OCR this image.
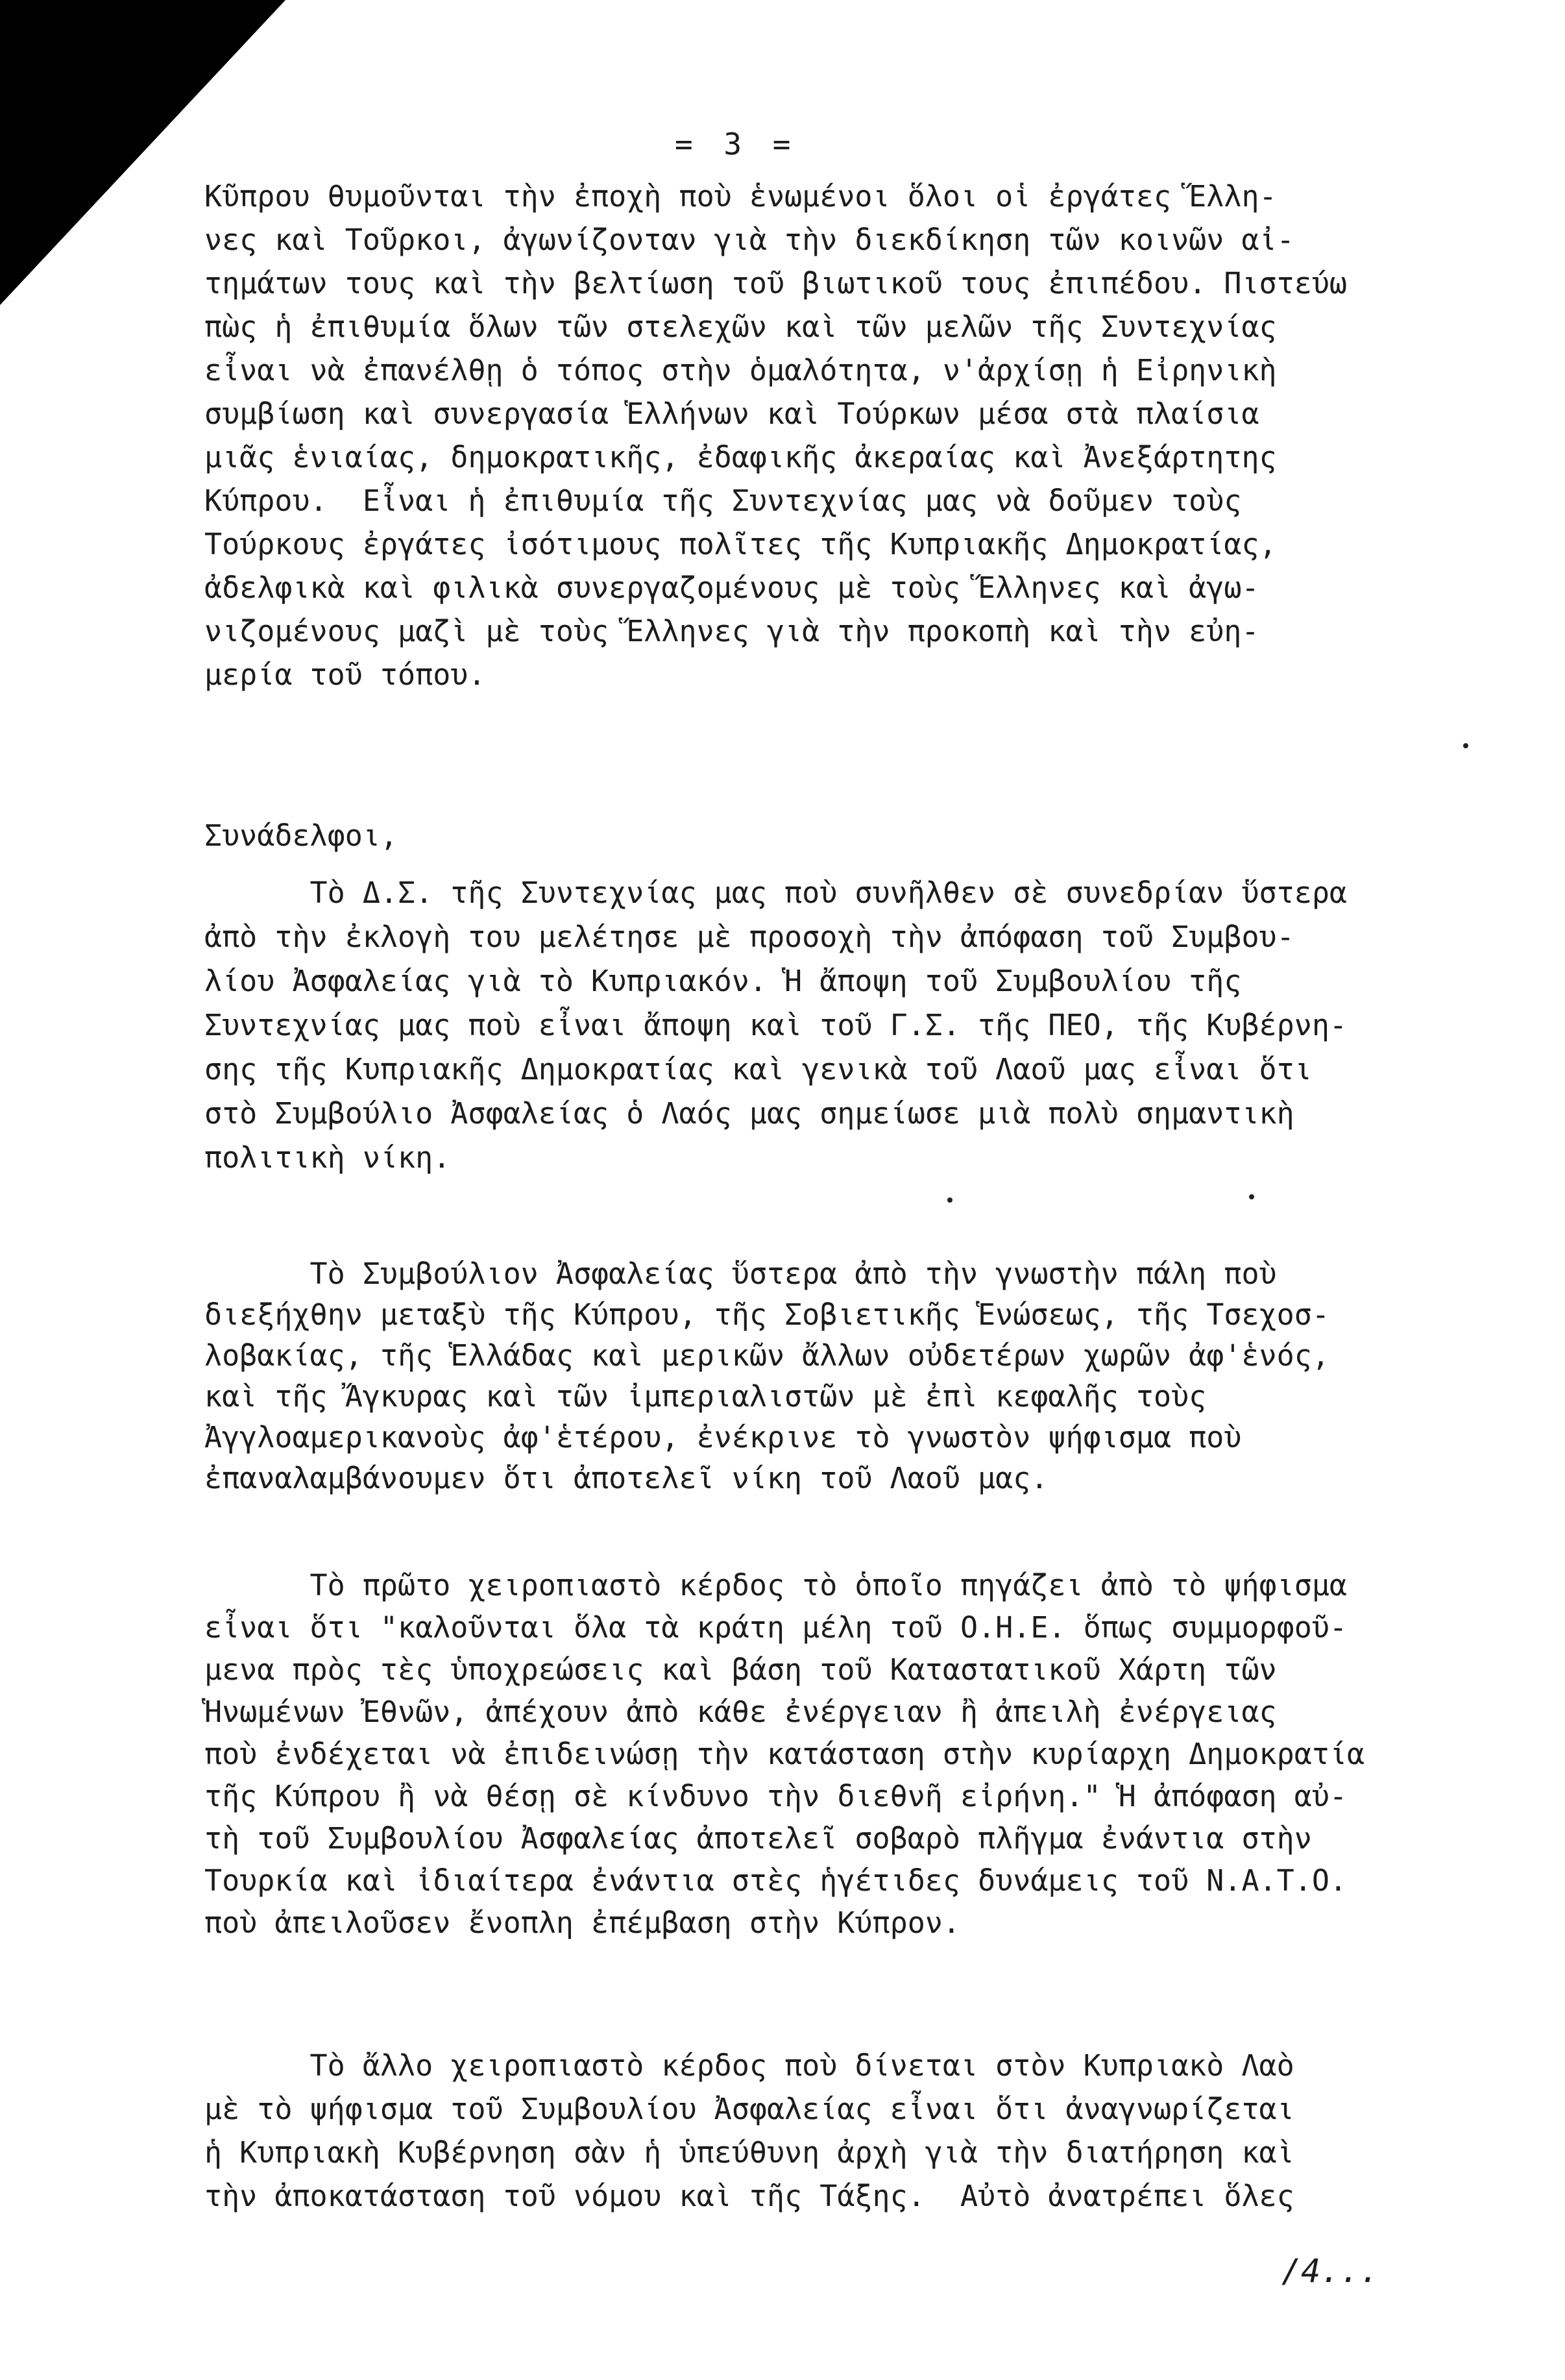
= 3 =
Κῦπρου θυμοῦνται τὴν ἐποχὴ ποὺ ἑνωμένοι ὅλοι οἱ ἐργάτες Ἕλλη-
νες καὶ Τοῦρκοι, ἀγωνίζονταν γιὰ τὴν διεκδίκηση τῶν κοινῶν αἰ-
τημάτων τους καὶ τὴν βελτίωση τοῦ βιωτικοῦ τους ἐπιπέδου. Πιστεύω
πὼς ἡ ἐπιθυμία ὅλων τῶν στελεχῶν καὶ τῶν μελῶν τῆς Συντεχνίας
εἶναι νὰ ἐπανέλθῃ ὁ τόπος στὴν ὁμαλότητα, ν'ἀρχίσῃ ἡ Εἰρηνικὴ
συμβίωση καὶ συνεργασία Ἑλλήνων καὶ Τούρκων μέσα στὰ πλαίσια
μιᾶς ἑνιαίας, δημοκρατικῆς, ἐδαφικῆς ἀκεραίας καὶ Ἀνεξάρτητης
Κύπρου.  Εἶναι ἡ ἐπιθυμία τῆς Συντεχνίας μας νὰ δοῦμεν τοὺς
Τούρκους ἐργάτες ἰσότιμους πολῖτες τῆς Κυπριακῆς Δημοκρατίας,
ἀδελφικὰ καὶ φιλικὰ συνεργαζομένους μὲ τοὺς Ἕλληνες καὶ ἀγω-
νιζομένους μαζὶ μὲ τοὺς Ἕλληνες γιὰ τὴν προκοπὴ καὶ τὴν εὐη-
μερία τοῦ τόπου.
Συνάδελφοι,
Τὸ Δ.Σ. τῆς Συντεχνίας μας ποὺ συνῆλθεν σὲ συνεδρίαν ὕστερα
ἀπὸ τὴν ἐκλογὴ του μελέτησε μὲ προσοχὴ τὴν ἀπόφαση τοῦ Συμβου-
λίου Ἀσφαλείας γιὰ τὸ Κυπριακόν. Ἡ ἄποψη τοῦ Συμβουλίου τῆς
Συντεχνίας μας ποὺ εἶναι ἄποψη καὶ τοῦ Γ.Σ. τῆς ΠΕΟ, τῆς Κυβέρνη-
σης τῆς Κυπριακῆς Δημοκρατίας καὶ γενικὰ τοῦ Λαοῦ μας εἶναι ὅτι
στὸ Συμβούλιο Ἀσφαλείας ὁ Λαός μας σημείωσε μιὰ πολὺ σημαντικὴ
πολιτικὴ νίκη.
Τὸ Συμβούλιον Ἀσφαλείας ὕστερα ἀπὸ τὴν γνωστὴν πάλη ποὺ
διεξήχθην μεταξὺ τῆς Κύπρου, τῆς Σοβιετικῆς Ἑνώσεως, τῆς Τσεχοσ-
λοβακίας, τῆς Ἑλλάδας καὶ μερικῶν ἄλλων οὐδετέρων χωρῶν ἀφ'ἑνός,
καὶ τῆς Ἄγκυρας καὶ τῶν ἰμπεριαλιστῶν μὲ ἐπὶ κεφαλῆς τοὺς
Ἀγγλοαμερικανοὺς ἀφ'ἑτέρου, ἐνέκρινε τὸ γνωστὸν ψήφισμα ποὺ
ἐπαναλαμβάνουμεν ὅτι ἀποτελεῖ νίκη τοῦ Λαοῦ μας.
Τὸ πρῶτο χειροπιαστὸ κέρδος τὸ ὁποῖο πηγάζει ἀπὸ τὸ ψήφισμα
εἶναι ὅτι "καλοῦνται ὅλα τὰ κράτη μέλη τοῦ Ο.Η.Ε. ὅπως συμμορφοῦ-
μενα πρὸς τὲς ὑποχρεώσεις καὶ βάση τοῦ Καταστατικοῦ Χάρτη τῶν
Ἡνωμένων Ἐθνῶν, ἀπέχουν ἀπὸ κάθε ἐνέργειαν ἢ ἀπειλὴ ἐνέργειας
ποὺ ἐνδέχεται νὰ ἐπιδεινώσῃ τὴν κατάσταση στὴν κυρίαρχη Δημοκρατία
τῆς Κύπρου ἢ νὰ θέσῃ σὲ κίνδυνο τὴν διεθνῆ εἰρήνη." Ἡ ἀπόφαση αὐ-
τὴ τοῦ Συμβουλίου Ἀσφαλείας ἀποτελεῖ σοβαρὸ πλῆγμα ἐνάντια στὴν
Τουρκία καὶ ἰδιαίτερα ἐνάντια στὲς ἡγέτιδες δυνάμεις τοῦ Ν.Α.Τ.Ο.
ποὺ ἀπειλοῦσεν ἔνοπλη ἐπέμβαση στὴν Κύπρον.
Τὸ ἄλλο χειροπιαστὸ κέρδος ποὺ δίνεται στὸν Κυπριακὸ Λαὸ
μὲ τὸ ψήφισμα τοῦ Συμβουλίου Ἀσφαλείας εἶναι ὅτι ἀναγνωρίζεται
ἡ Κυπριακὴ Κυβέρνηση σὰν ἡ ὑπεύθυνη ἀρχὴ γιὰ τὴν διατήρηση καὶ
τὴν ἀποκατάσταση τοῦ νόμου καὶ τῆς Τάξης.  Αὐτὸ ἀνατρέπει ὅλες
/4...
